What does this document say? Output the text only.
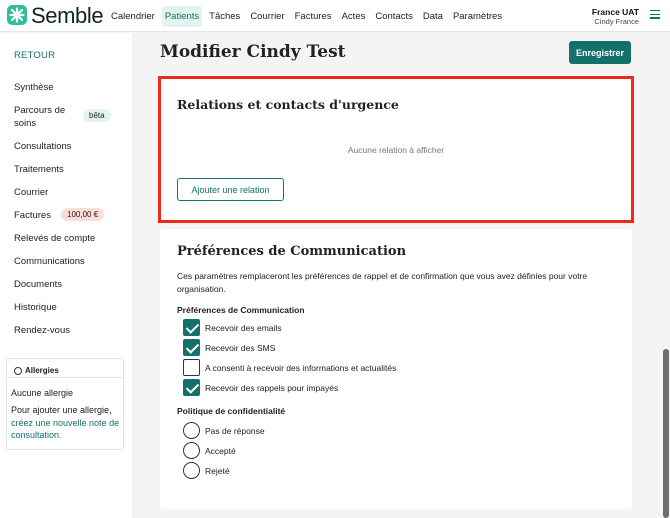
Semble Calendrier	Patients	Tâches	Courrier	Factures	Actes	Contacts	Data	Paramètres	France UAT
Cindy France
RETOUR
Synthèse
Parcours de soins
bêta
Consultations
Traitements
Courrier
Factures	100,00 €
Relevés de compte
Communications
Documents
Historique
Rendez-vous
Allergies
Aucune allergie
Pour ajouter une allergie, créez une nouvelle note de consultation.
Modifier Cindy Test	Enregistrer
Relations et contacts d'urgence
Aucune relation à afficher
Ajouter une relation
Préférences de Communication
Ces paramètres remplaceront les préférences de rappel et de confirmation que vous avez définies pour votre organisation.
Préférences de Communication
Recevoir des emails
Recevoir des SMS
A consenti à recevoir des informations et actualités
Recevoir des rappels pour impayés
Politique de confidentialité
Pas de réponse
Accepté
Rejeté
